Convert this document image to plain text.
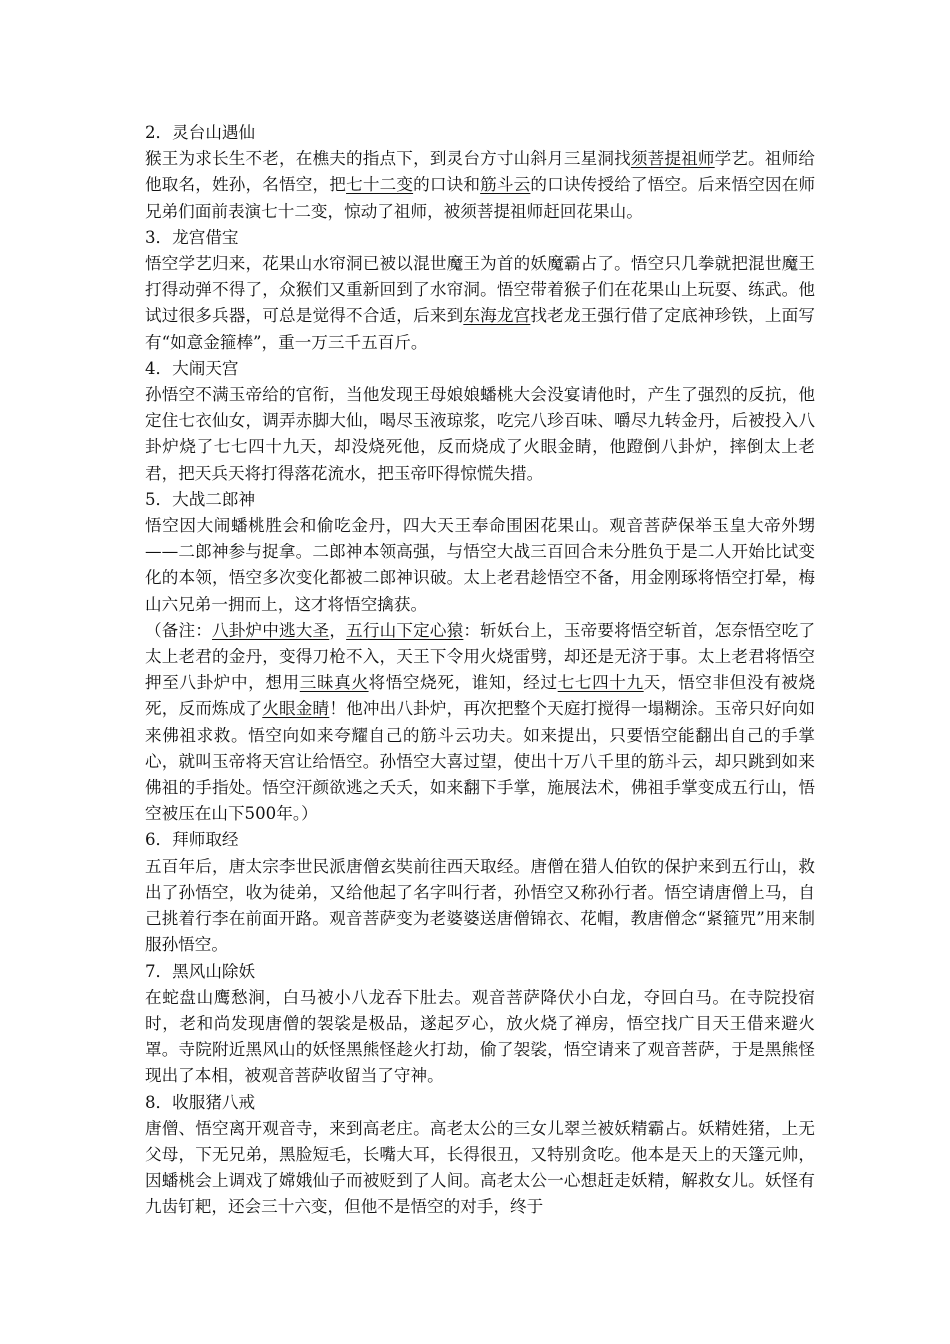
2．灵台山遇仙
猴王为求长生不老，在樵夫的指点下，到灵台方寸山斜月三星洞找须菩提祖师学艺。祖师给他取名，姓孙，名悟空，把七十二变的口诀和筋斗云的口诀传授给了悟空。后来悟空因在师兄弟们面前表演七十二变，惊动了祖师，被须菩提祖师赶回花果山。
3．龙宫借宝
悟空学艺归来，花果山水帘洞已被以混世魔王为首的妖魔霸占了。悟空只几拳就把混世魔王打得动弹不得了，众猴们又重新回到了水帘洞。悟空带着猴子们在花果山上玩耍、练武。他试过很多兵器，可总是觉得不合适，后来到东海龙宫找老龙王强行借了定底神珍铁，上面写有“如意金箍棒”，重一万三千五百斤。
4．大闹天宫
孙悟空不满玉帝给的官衔，当他发现王母娘娘蟠桃大会没宴请他时，产生了强烈的反抗，他定住七衣仙女，调弄赤脚大仙，喝尽玉液琼浆，吃完八珍百味、嚼尽九转金丹，后被投入八卦炉烧了七七四十九天，却没烧死他，反而烧成了火眼金睛，他蹬倒八卦炉，摔倒太上老君，把天兵天将打得落花流水，把玉帝吓得惊慌失措。
5．大战二郎神
悟空因大闹蟠桃胜会和偷吃金丹，四大天王奉命围困花果山。观音菩萨保举玉皇大帝外甥——二郎神参与捉拿。二郎神本领高强，与悟空大战三百回合未分胜负于是二人开始比试变化的本领，悟空多次变化都被二郎神识破。太上老君趁悟空不备，用金刚琢将悟空打晕，梅山六兄弟一拥而上，这才将悟空擒获。
（备注：八卦炉中逃大圣，五行山下定心猿：斩妖台上，玉帝要将悟空斩首，怎奈悟空吃了太上老君的金丹，变得刀枪不入，天王下令用火烧雷劈，却还是无济于事。太上老君将悟空押至八卦炉中，想用三昧真火将悟空烧死，谁知，经过七七四十九天，悟空非但没有被烧死，反而炼成了火眼金睛！他冲出八卦炉，再次把整个天庭打搅得一塌糊涂。玉帝只好向如来佛祖求救。悟空向如来夸耀自己的筋斗云功夫。如来提出，只要悟空能翻出自己的手掌心，就叫玉帝将天宫让给悟空。孙悟空大喜过望，使出十万八千里的筋斗云，却只跳到如来佛祖的手指处。悟空汗颜欲逃之夭夭，如来翻下手掌，施展法术，佛祖手掌变成五行山，悟空被压在山下500年。）
6．拜师取经
五百年后，唐太宗李世民派唐僧玄奘前往西天取经。唐僧在猎人伯钦的保护来到五行山，救出了孙悟空，收为徒弟，又给他起了名字叫行者，孙悟空又称孙行者。悟空请唐僧上马，自己挑着行李在前面开路。观音菩萨变为老婆婆送唐僧锦衣、花帽，教唐僧念“紧箍咒”用来制服孙悟空。
7．黑风山除妖
在蛇盘山鹰愁涧，白马被小八龙吞下肚去。观音菩萨降伏小白龙，夺回白马。在寺院投宿时，老和尚发现唐僧的袈裟是极品，遂起歹心，放火烧了禅房，悟空找广目天王借来避火罩。寺院附近黑风山的妖怪黑熊怪趁火打劫，偷了袈裟，悟空请来了观音菩萨，于是黑熊怪现出了本相，被观音菩萨收留当了守神。
8．收服猪八戒
唐僧、悟空离开观音寺，来到高老庄。高老太公的三女儿翠兰被妖精霸占。妖精姓猪，上无父母，下无兄弟，黑脸短毛，长嘴大耳，长得很丑，又特别贪吃。他本是天上的天篷元帅，因蟠桃会上调戏了嫦娥仙子而被贬到了人间。高老太公一心想赶走妖精，解救女儿。妖怪有九齿钉耙，还会三十六变，但他不是悟空的对手，终于
